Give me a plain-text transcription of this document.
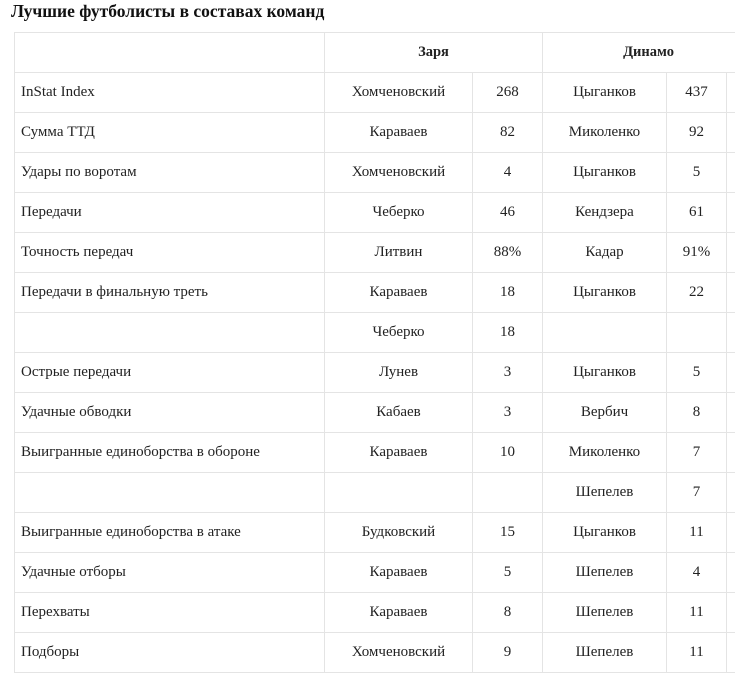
Лучшие футболисты в составах команд
	Заря		Динамо		
InStat Index	Хомченовский	268	Цыганков	437	
Сумма ТТД	Караваев	82	Миколенко	92	
Удары по воротам	Хомченовский	4	Цыганков	5	
Передачи	Чеберко	46	Кендзера	61	
Точность передач	Литвин	88%	Кадар	91%	
Передачи в финальную треть	Караваев	18	Цыганков	22	
	Чеберко	18			
Острые передачи	Лунев	3	Цыганков	5	
Удачные обводки	Кабаев	3	Вербич	8	
Выигранные единоборства в обороне	Караваев	10	Миколенко	7	
			Шепелев	7	
Выигранные единоборства в атаке	Будковский	15	Цыганков	11	
Удачные отборы	Караваев	5	Шепелев	4	
Перехваты	Караваев	8	Шепелев	11	
Подборы	Хомченовский	9	Шепелев	11	
